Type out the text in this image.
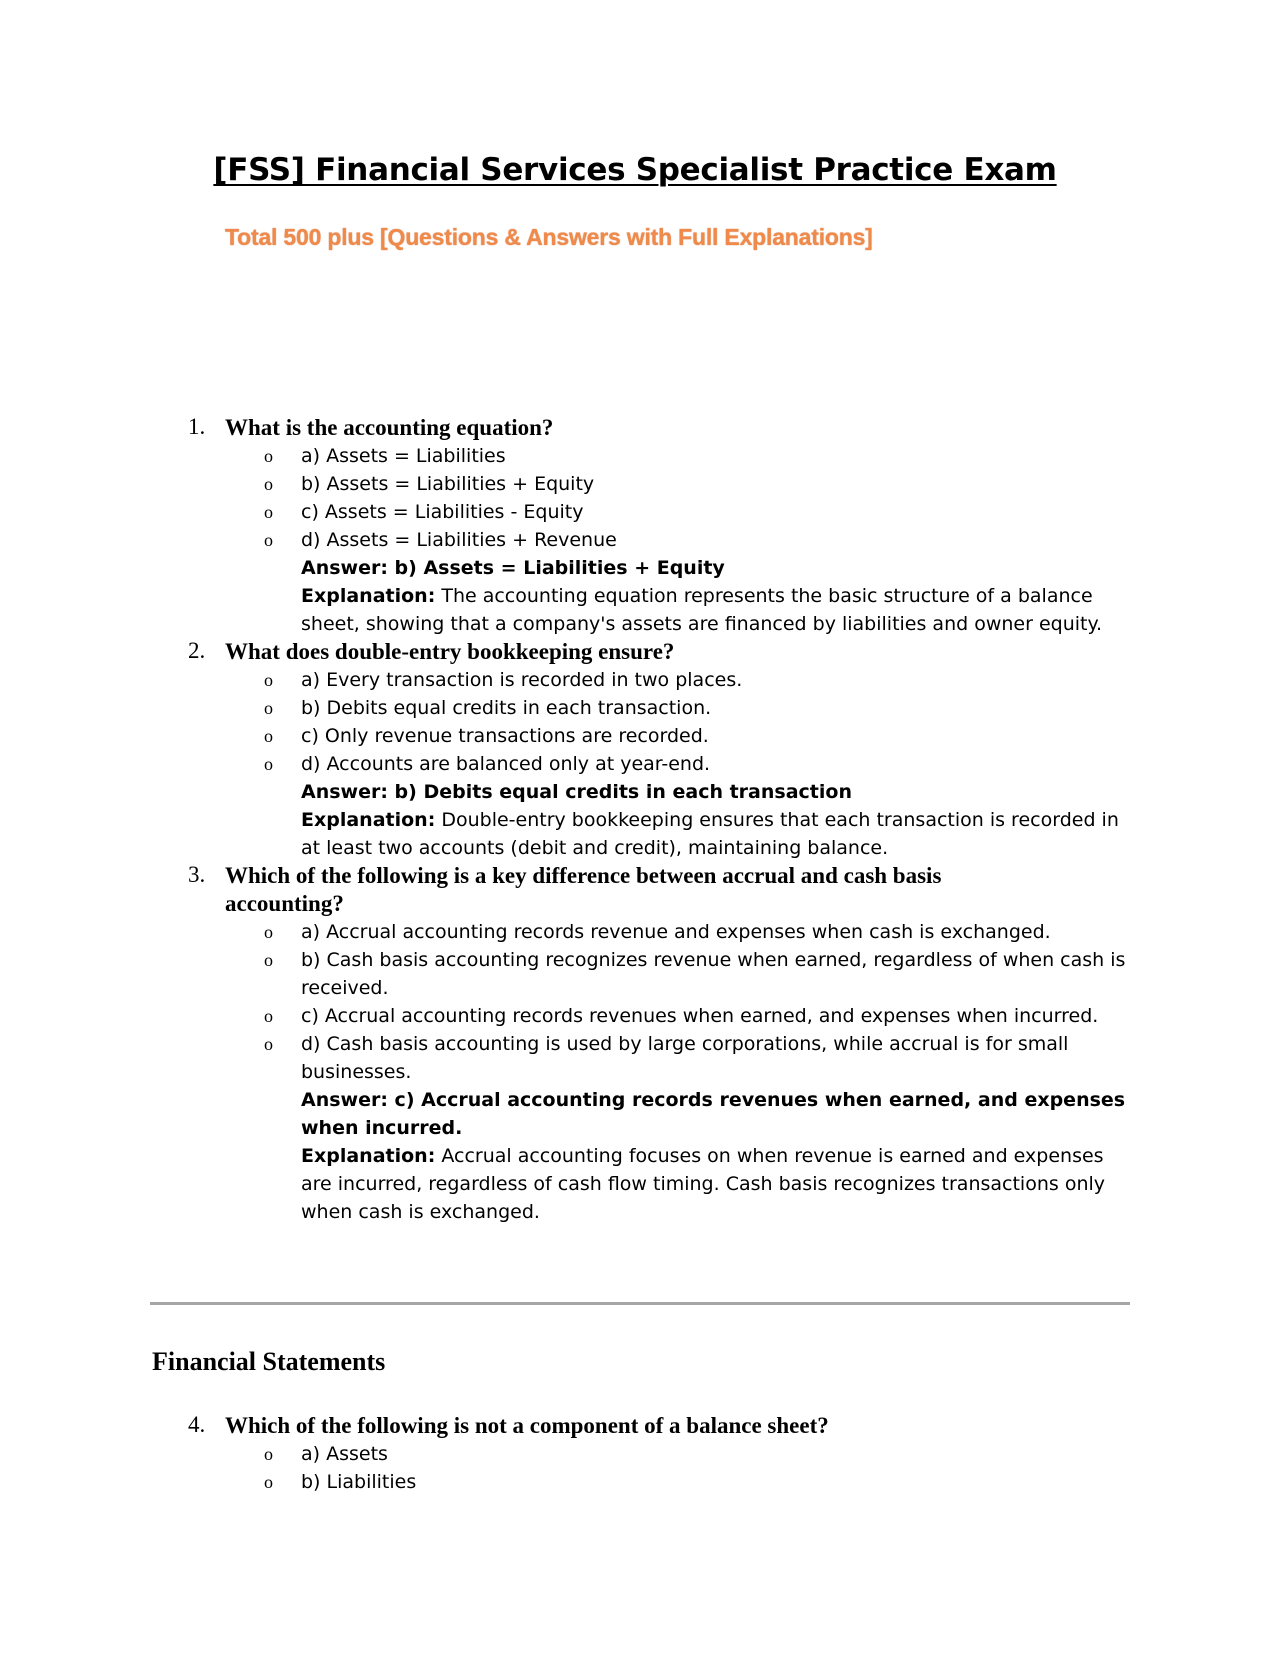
[FSS] Financial Services Specialist Practice Exam

Total 500 plus [Questions & Answers with Full Explanations]

1. What is the accounting equation?
o a) Assets = Liabilities
o b) Assets = Liabilities + Equity
o c) Assets = Liabilities - Equity
o d) Assets = Liabilities + Revenue
Answer: b) Assets = Liabilities + Equity
Explanation: The accounting equation represents the basic structure of a balance sheet, showing that a company's assets are financed by liabilities and owner equity.
2. What does double-entry bookkeeping ensure?
o a) Every transaction is recorded in two places.
o b) Debits equal credits in each transaction.
o c) Only revenue transactions are recorded.
o d) Accounts are balanced only at year-end.
Answer: b) Debits equal credits in each transaction
Explanation: Double-entry bookkeeping ensures that each transaction is recorded in at least two accounts (debit and credit), maintaining balance.
3. Which of the following is a key difference between accrual and cash basis accounting?
o a) Accrual accounting records revenue and expenses when cash is exchanged.
o b) Cash basis accounting recognizes revenue when earned, regardless of when cash is received.
o c) Accrual accounting records revenues when earned, and expenses when incurred.
o d) Cash basis accounting is used by large corporations, while accrual is for small businesses.
Answer: c) Accrual accounting records revenues when earned, and expenses when incurred.
Explanation: Accrual accounting focuses on when revenue is earned and expenses are incurred, regardless of cash flow timing. Cash basis recognizes transactions only when cash is exchanged.
Financial Statements
4. Which of the following is not a component of a balance sheet?
o a) Assets
o b) Liabilities
